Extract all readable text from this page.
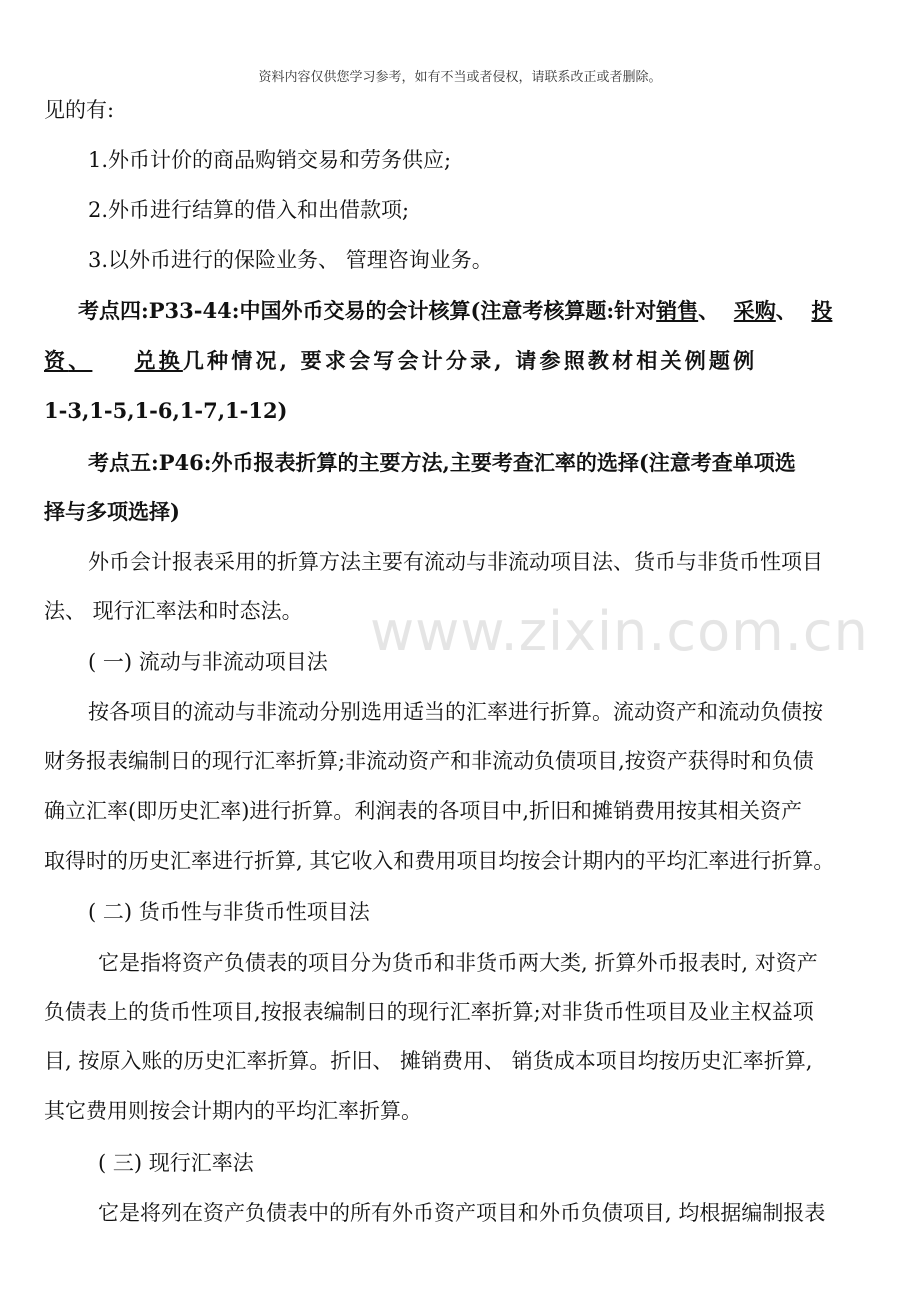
资料内容仅供您学习参考，如有不当或者侵权，请联系改正或者删除。
www.zixin.com.cn
见的有:
1.外币计价的商品购销交易和劳务供应;
2.外币进行结算的借入和出借款项;
3.以外币进行的保险业务、 管理咨询业务。
考点四:P33-44:中国外币交易的会计核算(注意考核算题:针对销售、 采购、 投
资、 兑换几种情况, 要求会写会计分录, 请参照教材相关例题例
1-3,1-5,1-6,1-7,1-12)
考点五:P46:外币报表折算的主要方法,主要考查汇率的选择(注意考查单项选
择与多项选择)
外币会计报表采用的折算方法主要有流动与非流动项目法、货币与非货币性项目
法、 现行汇率法和时态法。
( 一) 流动与非流动项目法
按各项目的流动与非流动分别选用适当的汇率进行折算。流动资产和流动负债按
财务报表编制日的现行汇率折算;非流动资产和非流动负债项目,按资产获得时和负债
确立汇率(即历史汇率)进行折算。利润表的各项目中,折旧和摊销费用按其相关资产
取得时的历史汇率进行折算, 其它收入和费用项目均按会计期内的平均汇率进行折算。
( 二) 货币性与非货币性项目法
它是指将资产负债表的项目分为货币和非货币两大类, 折算外币报表时, 对资产
负债表上的货币性项目,按报表编制日的现行汇率折算;对非货币性项目及业主权益项
目, 按原入账的历史汇率折算。折旧、 摊销费用、 销货成本项目均按历史汇率折算,
其它费用则按会计期内的平均汇率折算。
( 三) 现行汇率法
它是将列在资产负债表中的所有外币资产项目和外币负债项目, 均根据编制报表
